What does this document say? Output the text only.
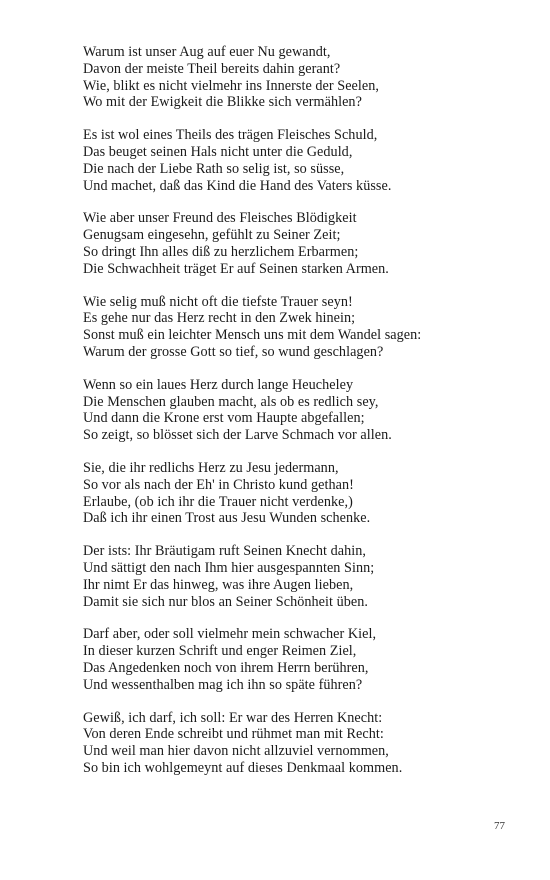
Warum ist unser Aug auf euer Nu gewandt,
Davon der meiste Theil bereits dahin gerant?
Wie, blikt es nicht vielmehr ins Innerste der Seelen,
Wo mit der Ewigkeit die Blikke sich vermählen?
Es ist wol eines Theils des trägen Fleisches Schuld,
Das beuget seinen Hals nicht unter die Geduld,
Die nach der Liebe Rath so selig ist, so süsse,
Und machet, daß das Kind die Hand des Vaters küsse.
Wie aber unser Freund des Fleisches Blödigkeit
Genugsam eingesehn, gefühlt zu Seiner Zeit;
So dringt Ihn alles diß zu herzlichem Erbarmen;
Die Schwachheit träget Er auf Seinen starken Armen.
Wie selig muß nicht oft die tiefste Trauer seyn!
Es gehe nur das Herz recht in den Zwek hinein;
Sonst muß ein leichter Mensch uns mit dem Wandel sagen:
Warum der grosse Gott so tief, so wund geschlagen?
Wenn so ein laues Herz durch lange Heucheley
Die Menschen glauben macht, als ob es redlich sey,
Und dann die Krone erst vom Haupte abgefallen;
So zeigt, so blösset sich der Larve Schmach vor allen.
Sie, die ihr redlichs Herz zu Jesu jedermann,
So vor als nach der Eh' in Christo kund gethan!
Erlaube, (ob ich ihr die Trauer nicht verdenke,)
Daß ich ihr einen Trost aus Jesu Wunden schenke.
Der ists: Ihr Bräutigam ruft Seinen Knecht dahin,
Und sättigt den nach Ihm hier ausgespannten Sinn;
Ihr nimt Er das hinweg, was ihre Augen lieben,
Damit sie sich nur blos an Seiner Schönheit üben.
Darf aber, oder soll vielmehr mein schwacher Kiel,
In dieser kurzen Schrift und enger Reimen Ziel,
Das Angedenken noch von ihrem Herrn berühren,
Und wessenthalben mag ich ihn so späte führen?
Gewiß, ich darf, ich soll: Er war des Herren Knecht:
Von deren Ende schreibt und rühmet man mit Recht:
Und weil man hier davon nicht allzuviel vernommen,
So bin ich wohlgemeynt auf dieses Denkmaal kommen.
77
